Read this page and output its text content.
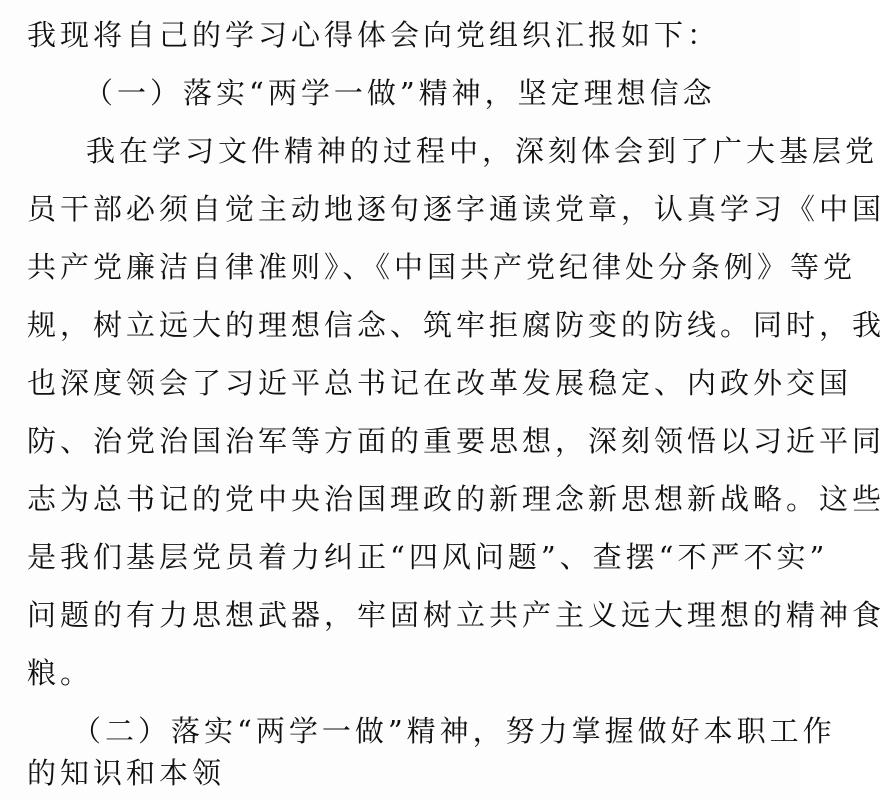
我现将自己的学习心得体会向党组织汇报如下：
（一）落实“两学一做”精神，坚定理想信念
我在学习文件精神的过程中，深刻体会到了广大基层党
员干部必须自觉主动地逐句逐字通读党章，认真学习《中国
共产党廉洁自律准则》、《中国共产党纪律处分条例》等党
规，树立远大的理想信念、筑牢拒腐防变的防线。同时，我
也深度领会了习近平总书记在改革发展稳定、内政外交国
防、治党治国治军等方面的重要思想，深刻领悟以习近平同
志为总书记的党中央治国理政的新理念新思想新战略。这些
是我们基层党员着力纠正“四风问题”、查摆“不严不实”
问题的有力思想武器，牢固树立共产主义远大理想的精神食
粮。
（二）落实“两学一做”精神，努力掌握做好本职工作
的知识和本领
